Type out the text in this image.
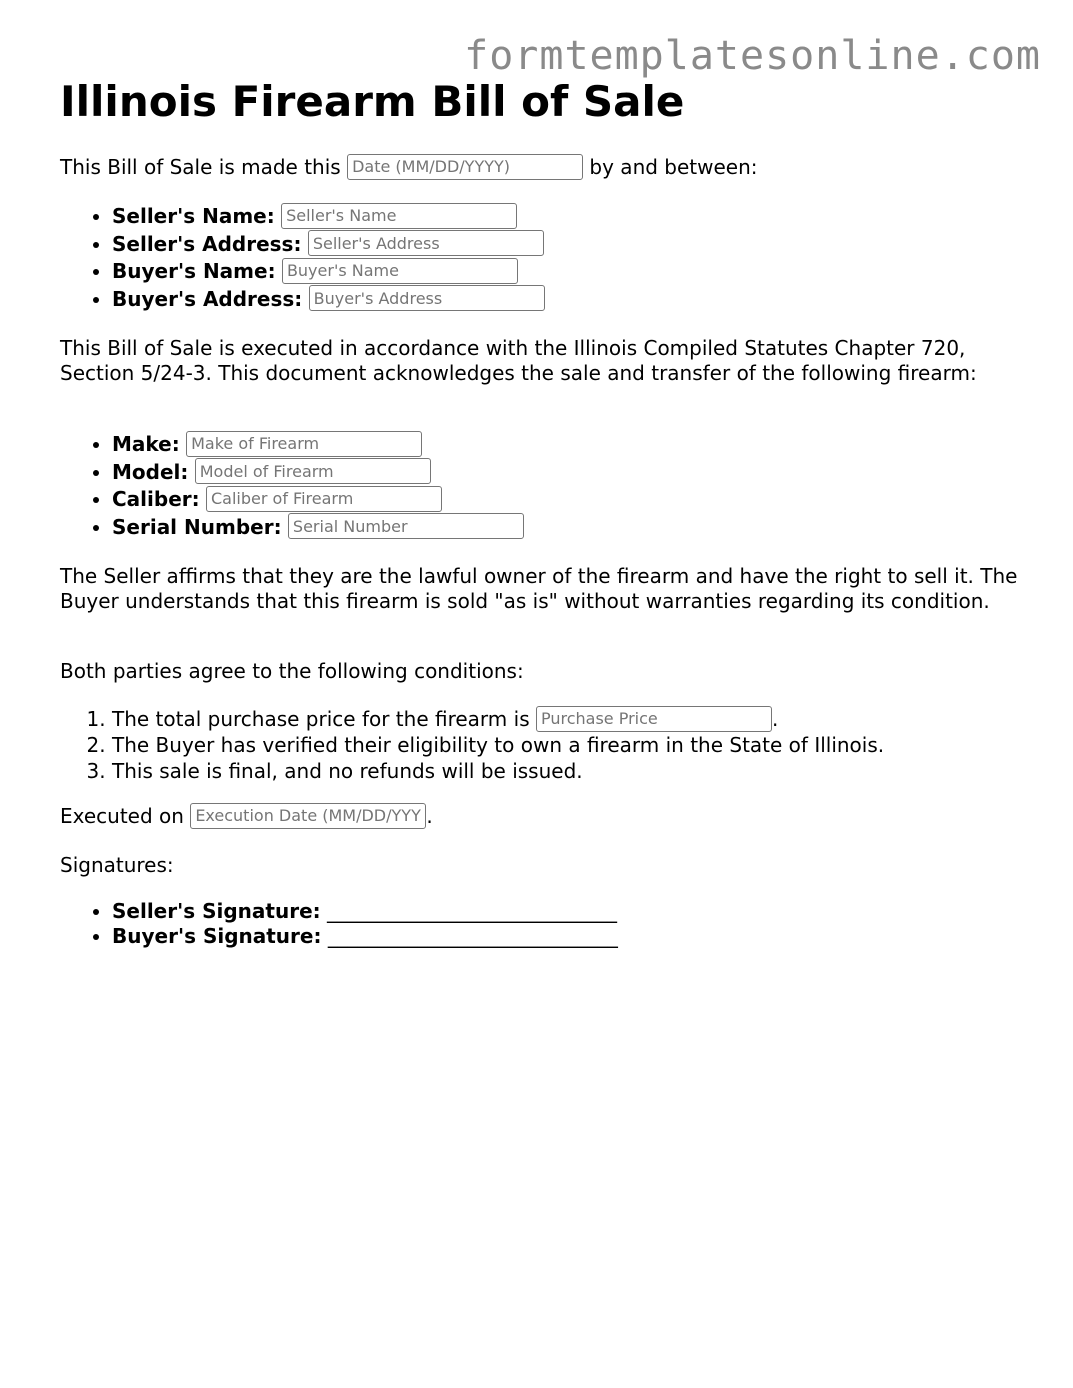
formtemplatesonline.com
Illinois Firearm Bill of Sale
This Bill of Sale is made this Date (MM/DD/YYYY)	by and between:
• Seller's Name: Seller's Name
• Seller's Address: Seller's Address
• Buyer's Name: Buyer's Name
• Buyer's Address: Buyer's Address

This Bill of Sale is executed in accordance with the Illinois Compiled Statutes Chapter 720, Section 5/24-3. This document acknowledges the sale and transfer of the following firearm:

• Make: Make of Firearm
• Model: Model of Firearm
• Caliber: Caliber of Firearm
• Serial Number: Serial Number

The Seller affirms that they are the lawful owner of the firearm and have the right to sell it. The Buyer understands that this firearm is sold "as is" without warranties regarding its condition.

Both parties agree to the following conditions:

1. The total purchase price for the firearm is Purchase Price	.
2. The Buyer has verified their eligibility to own a firearm in the State of Illinois.
3. This sale is final, and no refunds will be issued.
Executed on Execution Date (MM/DD/YYYY)	.

Signatures:

• Seller's Signature: _____________________________
• Buyer's Signature: _____________________________
